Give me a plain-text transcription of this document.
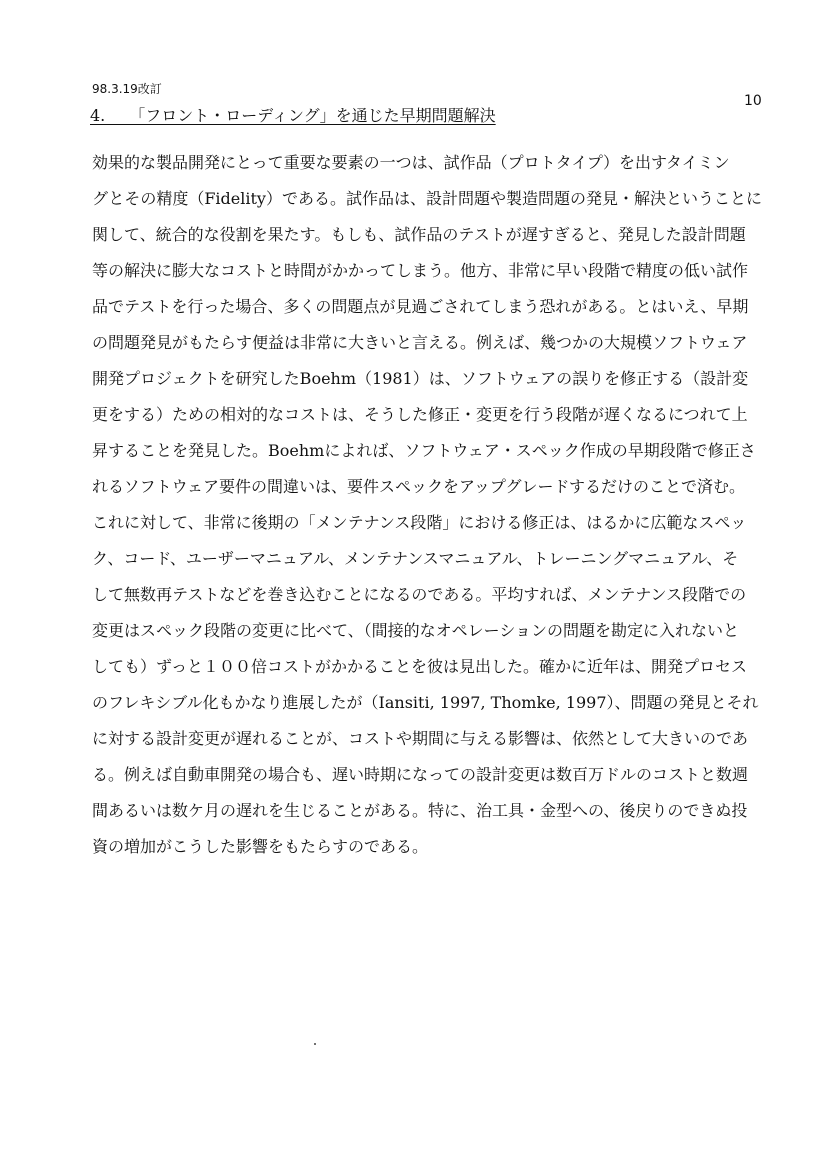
98.3.19改訂
10
4.___「フロント・ローディング」を通じた早期問題解決
効果的な製品開発にとって重要な要素の一つは、試作品（プロトタイプ）を出すタイミン
グとその精度（Fidelity）である。試作品は、設計問題や製造問題の発見・解決ということに
関して、統合的な役割を果たす。もしも、試作品のテストが遅すぎると、発見した設計問題
等の解決に膨大なコストと時間がかかってしまう。他方、非常に早い段階で精度の低い試作
品でテストを行った場合、多くの問題点が見過ごされてしまう恐れがある。とはいえ、早期
の問題発見がもたらす便益は非常に大きいと言える。例えば、幾つかの大規模ソフトウェア
開発プロジェクトを研究したBoehm（1981）は、ソフトウェアの誤りを修正する（設計変
更をする）ための相対的なコストは、そうした修正・変更を行う段階が遅くなるにつれて上
昇することを発見した。Boehmによれば、ソフトウェア・スペック作成の早期段階で修正さ
れるソフトウェア要件の間違いは、要件スペックをアップグレードするだけのことで済む。
これに対して、非常に後期の「メンテナンス段階」における修正は、はるかに広範なスペッ
ク、コード、ユーザーマニュアル、メンテナンスマニュアル、トレーニングマニュアル、そ
して無数再テストなどを巻き込むことになるのである。平均すれば、メンテナンス段階での
変更はスペック段階の変更に比べて、（間接的なオペレーションの問題を勘定に入れないと
しても）ずっと１００倍コストがかかることを彼は見出した。確かに近年は、開発プロセス
のフレキシブル化もかなり進展したが（Iansiti, 1997, Thomke, 1997）、問題の発見とそれ
に対する設計変更が遅れることが、コストや期間に与える影響は、依然として大きいのであ
る。例えば自動車開発の場合も、遅い時期になっての設計変更は数百万ドルのコストと数週
間あるいは数ケ月の遅れを生じることがある。特に、治工具・金型への、後戻りのできぬ投
資の増加がこうした影響をもたらすのである。
